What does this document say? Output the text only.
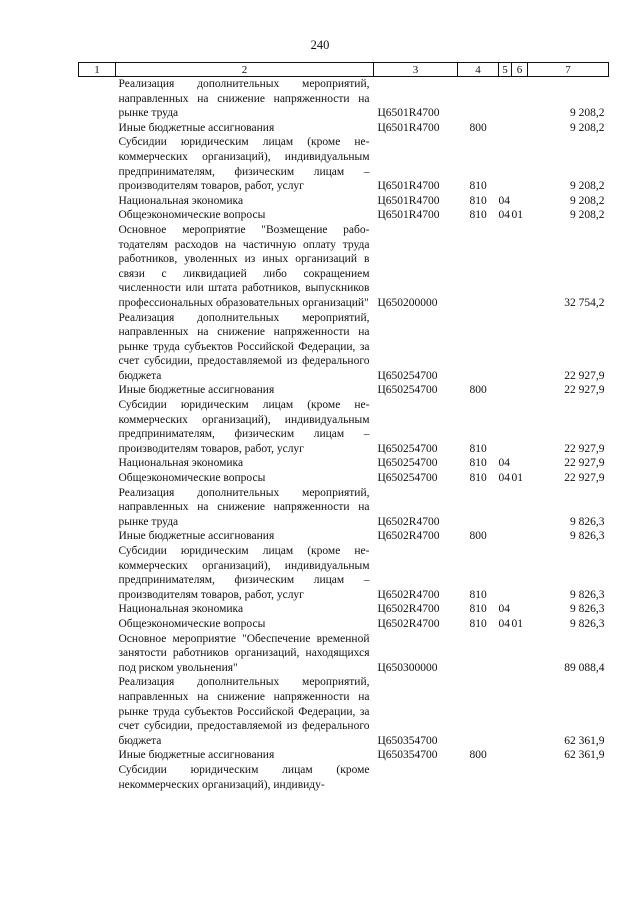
240
1	2	3	4	5	6	7
	Реализация дополнительных мероприятий, направленных на снижение напряженности на рынке труда	Ц6501R4700				9 208,2
	Иные бюджетные ассигнования	Ц6501R4700	800			9 208,2
	Субсидии юридическим лицам (кроме некоммерческих организаций), индивидуальным предпринимателям, физическим лицам – производителям товаров, работ, услуг	Ц6501R4700	810			9 208,2
	Национальная экономика	Ц6501R4700	810	04		9 208,2
	Общеэкономические вопросы	Ц6501R4700	810	04	01	9 208,2
	Основное мероприятие "Возмещение работодателям расходов на частичную оплату труда работников, уволенных из иных организаций в связи с ликвидацией либо сокращением численности или штата работников, выпускников профессиональных образовательных организаций"	Ц650200000				32 754,2
	Реализация дополнительных мероприятий, направленных на снижение напряженности на рынке труда субъектов Российской Федерации, за счет субсидии, предоставляемой из федерального бюджета	Ц650254700				22 927,9
	Иные бюджетные ассигнования	Ц650254700	800			22 927,9
	Субсидии юридическим лицам (кроме некоммерческих организаций), индивидуальным предпринимателям, физическим лицам – производителям товаров, работ, услуг	Ц650254700	810			22 927,9
	Национальная экономика	Ц650254700	810	04		22 927,9
	Общеэкономические вопросы	Ц650254700	810	04	01	22 927,9
	Реализация дополнительных мероприятий, направленных на снижение напряженности на рынке труда	Ц6502R4700				9 826,3
	Иные бюджетные ассигнования	Ц6502R4700	800			9 826,3
	Субсидии юридическим лицам (кроме некоммерческих организаций), индивидуальным предпринимателям, физическим лицам – производителям товаров, работ, услуг	Ц6502R4700	810			9 826,3
	Национальная экономика	Ц6502R4700	810	04		9 826,3
	Общеэкономические вопросы	Ц6502R4700	810	04	01	9 826,3
	Основное мероприятие "Обеспечение временной занятости работников организаций, находящихся под риском увольнения"	Ц650300000				89 088,4
	Реализация дополнительных мероприятий, направленных на снижение напряженности на рынке труда субъектов Российской Федерации, за счет субсидии, предоставляемой из федерального бюджета	Ц650354700				62 361,9
	Иные бюджетные ассигнования	Ц650354700	800			62 361,9
	Субсидии юридическим лицам (кроме некоммерческих организаций), индивиду-					
